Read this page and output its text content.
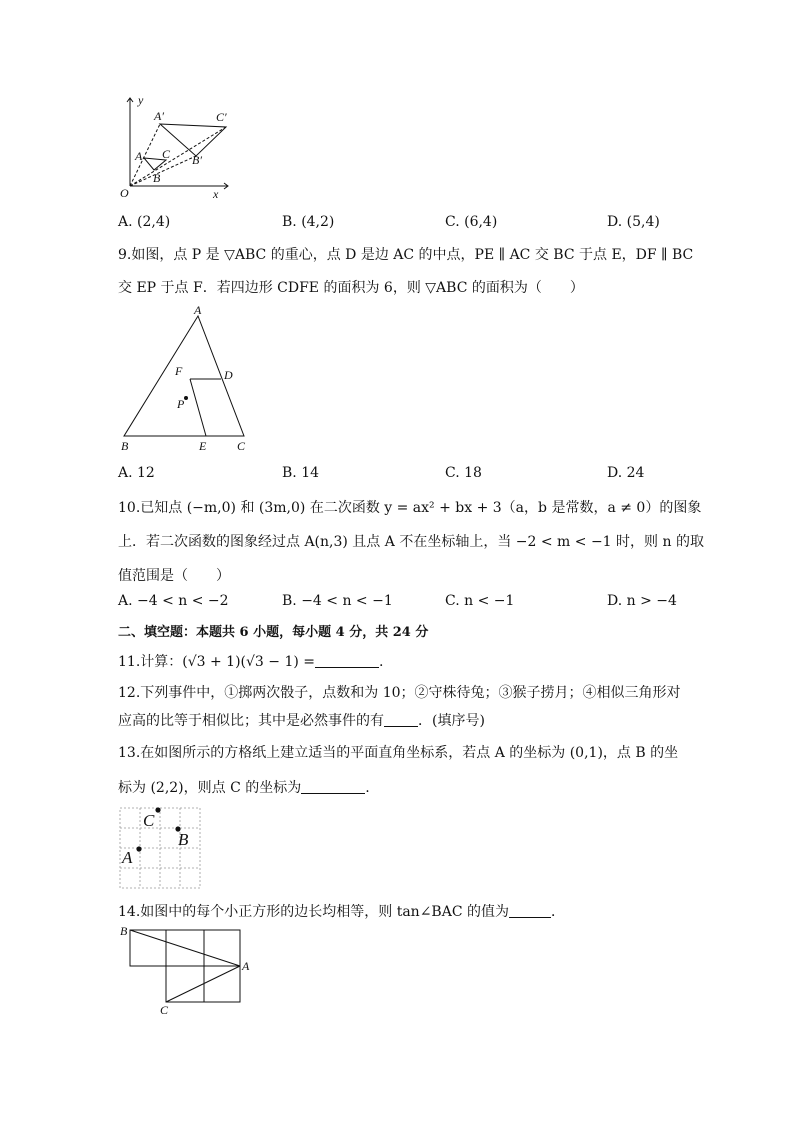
y
A′	C′
A C B′
B
O	x
A. (2,4)	B. (4,2)	C. (6,4)	D. (5,4)
9.如图，点 P 是 ▽ABC 的重心，点 D 是边 AC 的中点，PE ∥ AC 交 BC 于点 E，DF ∥ BC
交 EP 于点 F．若四边形 CDFE 的面积为 6，则 ▽ABC 的面积为（　　）
A
F	D
P
B	E	C
A. 12	B. 14	C. 18	D. 24
10.已知点 (−m,0) 和 (3m,0) 在二次函数 y = ax² + bx + 3（a，b 是常数，a ≠ 0）的图象
上．若二次函数的图象经过点 A(n,3) 且点 A 不在坐标轴上，当 −2 < m < −1 时，则 n 的取
值范围是（　　）
A. −4 < n < −2	B. −4 < n < −1	C. n < −1	D. n > −4
二、填空题：本题共 6 小题，每小题 4 分，共 24 分
11.计算：(√3 + 1)(√3 − 1) =	.
12.下列事件中，①掷两次骰子，点数和为 10；②守株待兔；③猴子捞月；④相似三角形对
应高的比等于相似比；其中是必然事件的有 ．(填序号)
13.在如图所示的方格纸上建立适当的平面直角坐标系，若点 A 的坐标为 (0,1)，点 B 的坐
标为 (2,2)，则点 C 的坐标为	.
C
B
A
14.如图中的每个小正方形的边长均相等，则 tan∠BAC 的值为	．
B
A
C
